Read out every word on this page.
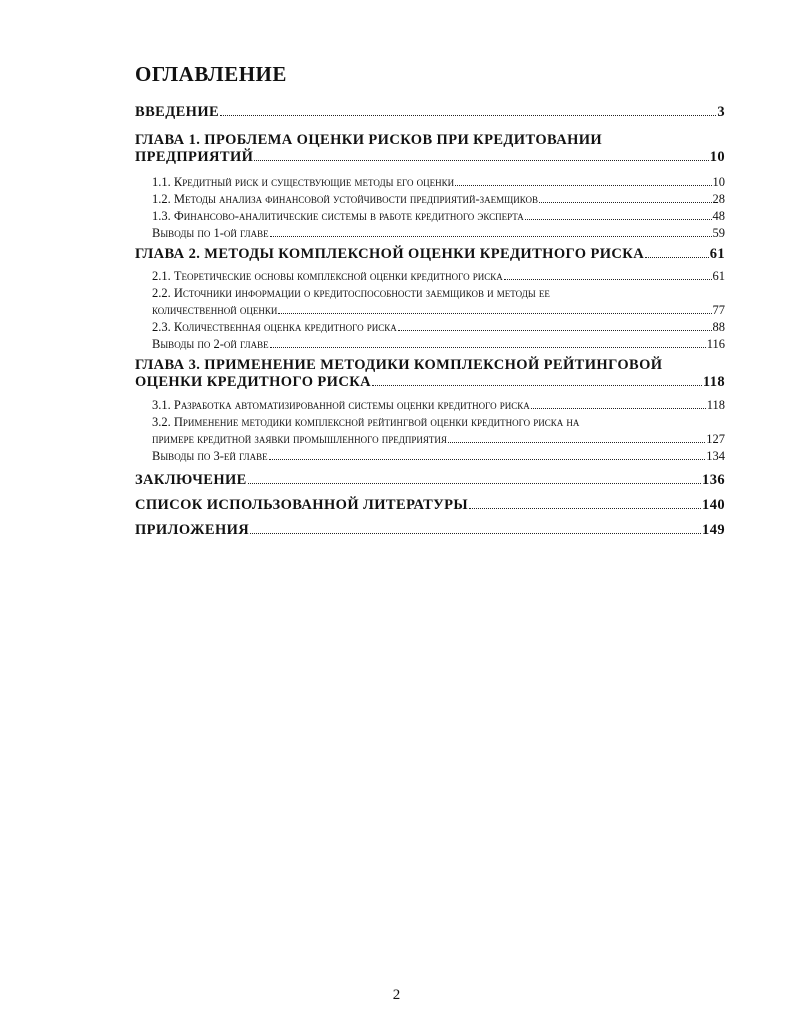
ОГЛАВЛЕНИЕ
ВВЕДЕНИЕ	3
ГЛАВА 1. ПРОБЛЕМА ОЦЕНКИ РИСКОВ ПРИ КРЕДИТОВАНИИ
ПРЕДПРИЯТИЙ	10
1.1. Кредитный риск и существующие методы его оценки	10
1.2. Методы анализа финансовой устойчивости предприятий-заемщиков	28
1.3. Финансово-аналитические системы в работе кредитного эксперта	48
Выводы по 1-ой главе	59
ГЛАВА 2. МЕТОДЫ КОМПЛЕКСНОЙ ОЦЕНКИ КРЕДИТНОГО РИСКА	61
2.1. Теоретические основы комплексной оценки кредитного риска	61
2.2. Источники информации о кредитоспособности заемщиков и методы ее
количественной оценки	77
2.3. Количественная оценка кредитного риска	88
Выводы по 2-ой главе	116
ГЛАВА 3. ПРИМЕНЕНИЕ МЕТОДИКИ КОМПЛЕКСНОЙ РЕЙТИНГОВОЙ
ОЦЕНКИ КРЕДИТНОГО РИСКА	118
3.1. Разработка автоматизированной системы оценки кредитного риска	118
3.2. Применение методики комплексной рейтингвой оценки кредитного риска на
примере кредитной заявки промышленного предприятия	127
Выводы по 3-ей главе	134
ЗАКЛЮЧЕНИЕ	136
СПИСОК ИСПОЛЬЗОВАННОЙ ЛИТЕРАТУРЫ	140
ПРИЛОЖЕНИЯ	149
2
